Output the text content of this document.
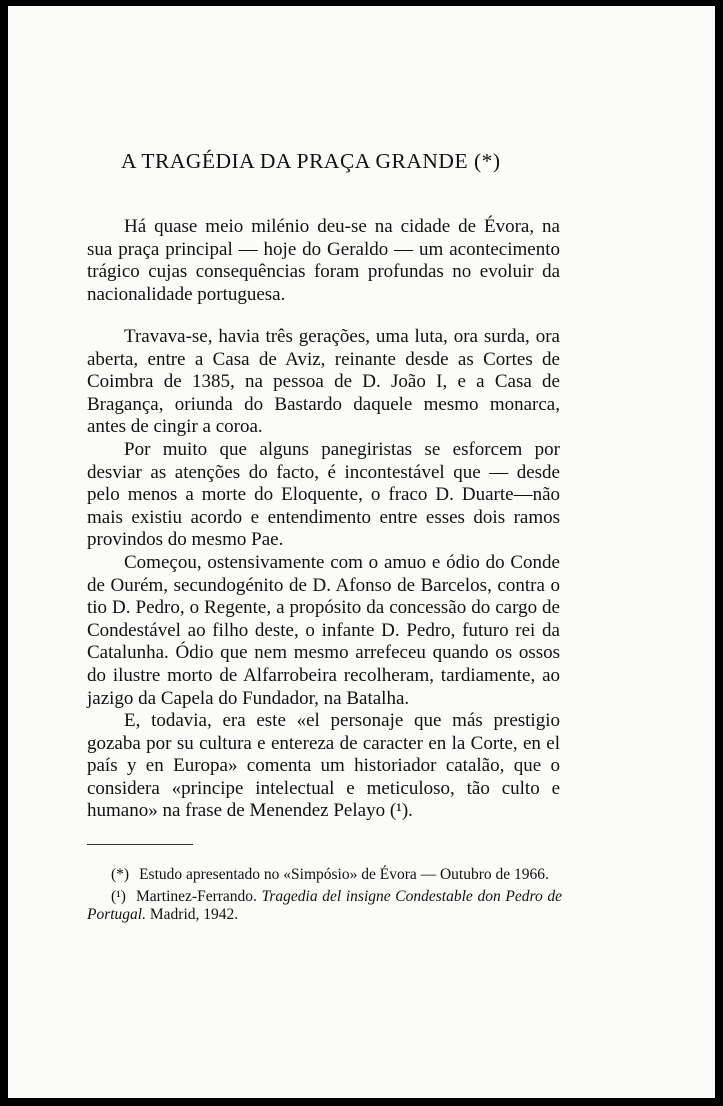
A TRAGÉDIA DA PRAÇA GRANDE (*)

Há quase meio milénio deu-se na cidade de Évora, na sua praça principal — hoje do Geraldo — um acontecimento trágico cujas consequências foram profundas no evoluir da nacionalidade portuguesa.

Travava-se, havia três gerações, uma luta, ora surda, ora aberta, entre a Casa de Aviz, reinante desde as Cortes de Coimbra de 1385, na pessoa de D. João I, e a Casa de Bragança, oriunda do Bastardo daquele mesmo monarca, antes de cingir a coroa.

Por muito que alguns panegiristas se esforcem por desviar as atenções do facto, é incontestável que — desde pelo menos a morte do Eloquente, o fraco D. Duarte—não mais existiu acordo e entendimento entre esses dois ramos provindos do mesmo Pae.

Começou, ostensivamente com o amuo e ódio do Conde de Ourém, secundogénito de D. Afonso de Barcelos, contra o tio D. Pedro, o Regente, a propósito da concessão do cargo de Condestável ao filho deste, o infante D. Pedro, futuro rei da Catalunha. Ódio que nem mesmo arrefeceu quando os ossos do ilustre morto de Alfarrobeira recolheram, tardiamente, ao jazigo da Capela do Fundador, na Batalha.

E, todavia, era este «el personaje que más prestigio gozaba por su cultura e entereza de caracter en la Corte, en el país y en Europa» comenta um historiador catalão, que o considera «principe intelectual e meticuloso, tão culto e humano» na frase de Menendez Pelayo (¹).

(*) Estudo apresentado no «Simpósio» de Évora — Outubro de 1966.

(¹) Martinez-Ferrando. Tragedia del insigne Condestable don Pedro de Portugal. Madrid, 1942.
